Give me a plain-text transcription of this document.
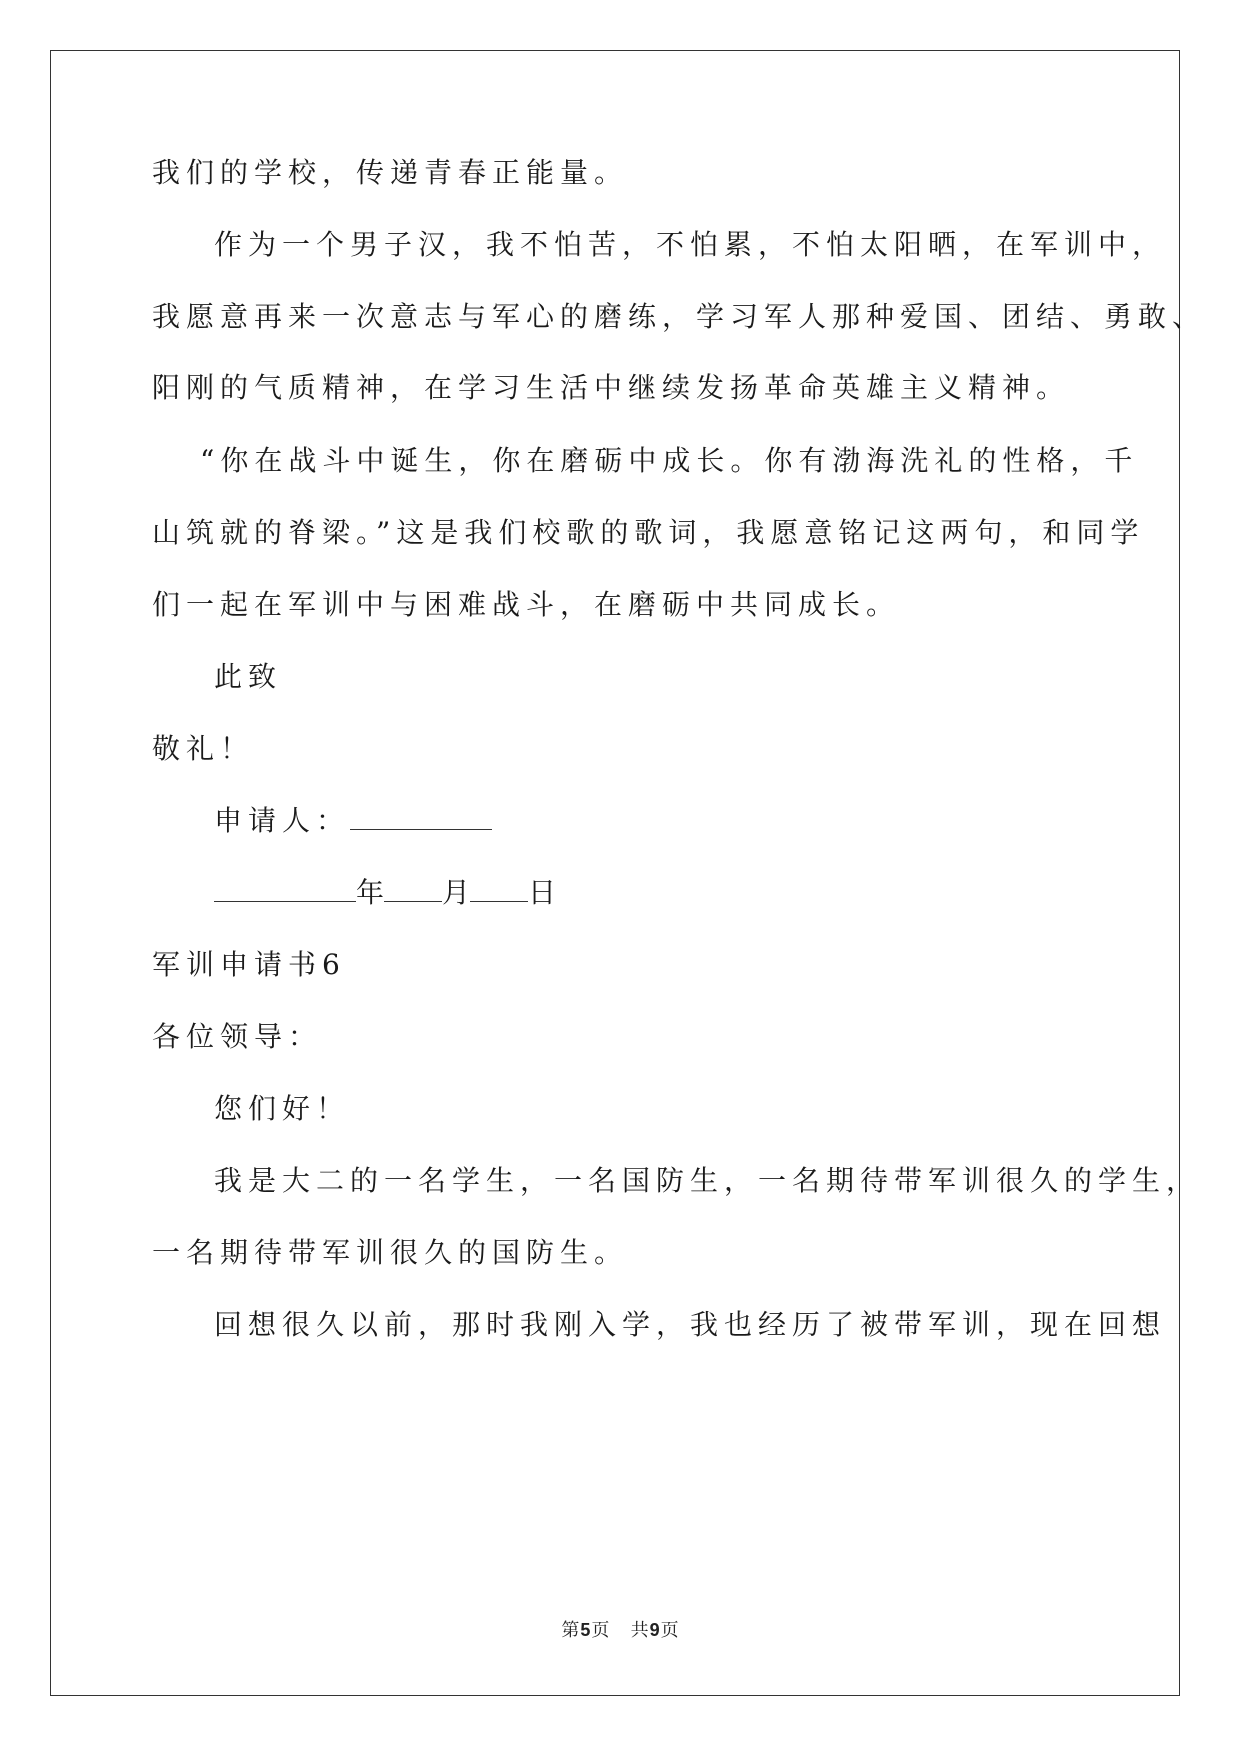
我们的学校，传递青春正能量。
作为一个男子汉，我不怕苦，不怕累，不怕太阳晒，在军训中，
我愿意再来一次意志与军心的磨练，学习军人那种爱国、团结、勇敢、
阳刚的气质精神，在学习生活中继续发扬革命英雄主义精神。
“你在战斗中诞生，你在磨砺中成长。你有渤海洗礼的性格，千
山筑就的脊梁。”这是我们校歌的歌词，我愿意铭记这两句，和同学
们一起在军训中与困难战斗，在磨砺中共同成长。
此致
敬礼！
申请人：
年 月 日
军训申请书6
各位领导：
您们好！
我是大二的一名学生，一名国防生，一名期待带军训很久的学生，
一名期待带军训很久的国防生。
回想很久以前，那时我刚入学，我也经历了被带军训，现在回想
第5页 共9页
